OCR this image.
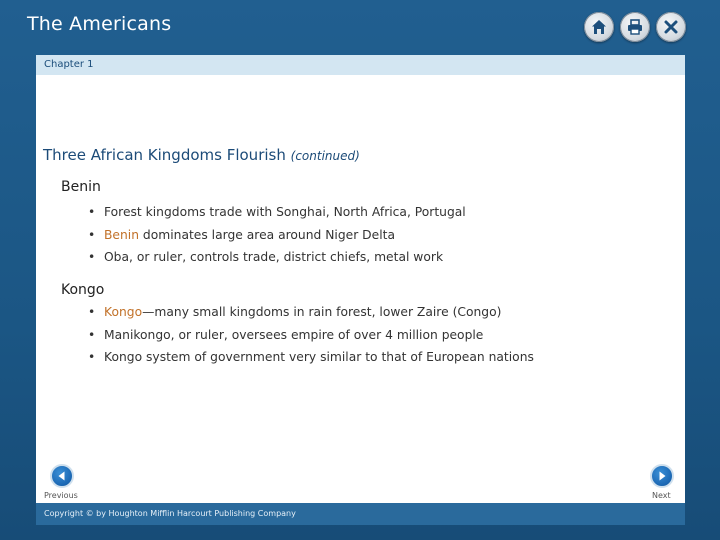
The Americans
Chapter 1
Three African Kingdoms Flourish (continued)
Benin
• Forest kingdoms trade with Songhai, North Africa, Portugal
• Benin dominates large area around Niger Delta
• Oba, or ruler, controls trade, district chiefs, metal work
Kongo
• Kongo—many small kingdoms in rain forest, lower Zaire (Congo)
• Manikongo, or ruler, oversees empire of over 4 million people
• Kongo system of government very similar to that of European nations
Previous	Next
Copyright © by Houghton Mifflin Harcourt Publishing Company
